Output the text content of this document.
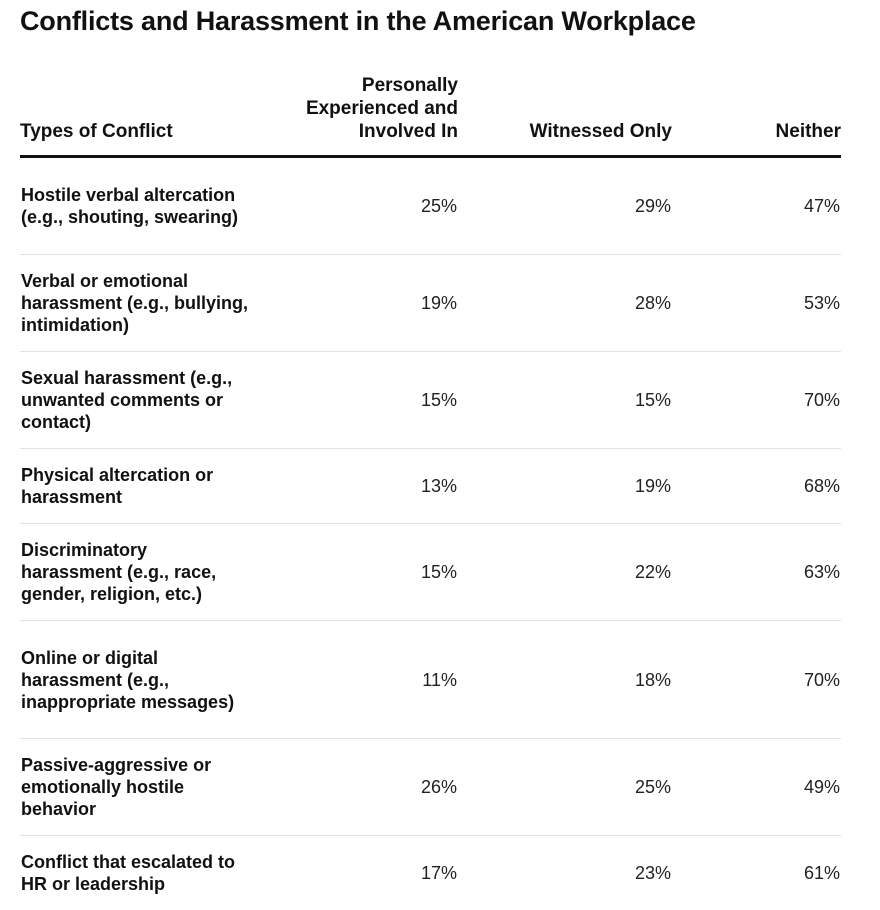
Conflicts and Harassment in the American Workplace
Types of Conflict	Personally Experienced and Involved In	Witnessed Only	Neither
Hostile verbal altercation (e.g., shouting, swearing)	25%	29%	47%
Verbal or emotional harassment (e.g., bullying, intimidation)	19%	28%	53%
Sexual harassment (e.g., unwanted comments or contact)	15%	15%	70%
Physical altercation or harassment	13%	19%	68%
Discriminatory harassment (e.g., race, gender, religion, etc.)	15%	22%	63%
Online or digital harassment (e.g., inappropriate messages)	11%	18%	70%
Passive-aggressive or emotionally hostile behavior	26%	25%	49%
Conflict that escalated to HR or leadership	17%	23%	61%
